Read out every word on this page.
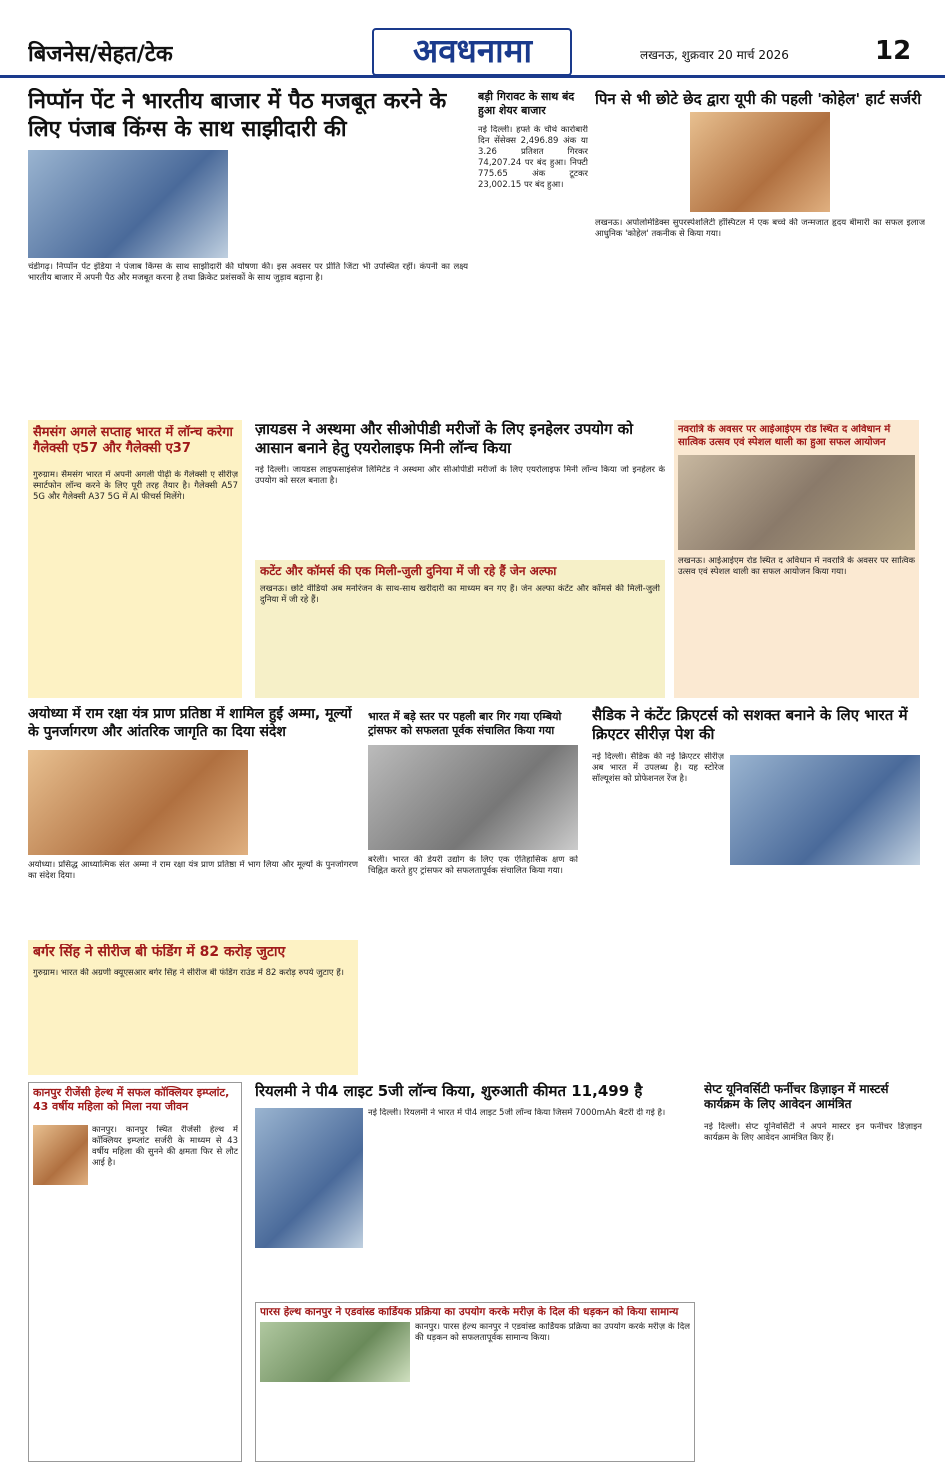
बिजनेस/सेहत/टेक	अवधनामा	लखनऊ, शुक्रवार 20 मार्च 2026	12
निप्पॉन पेंट ने भारतीय बाजार में पैठ मजबूत करने के लिए पंजाब किंग्स के साथ साझीदारी की
चंडीगढ़। निप्पॉन पेंट इंडिया ने पंजाब किंग्स के साथ साझीदारी की घोषणा की। इस अवसर पर प्रीति जिंटा भी उपस्थित रहीं। कंपनी का लक्ष्य भारतीय बाजार में अपनी पैठ और मजबूत करना है तथा क्रिकेट प्रशंसकों के साथ जुड़ाव बढ़ाना है।
बड़ी गिरावट के साथ बंद हुआ शेयर बाजार
नई दिल्ली। हफ्ते के चौथे कारोबारी दिन सेंसेक्स 2,496.89 अंक या 3.26 प्रतिशत गिरकर 74,207.24 पर बंद हुआ। निफ्टी 775.65 अंक टूटकर 23,002.15 पर बंद हुआ।
पिन से भी छोटे छेद द्वारा यूपी की पहली 'कोहेल' हार्ट सर्जरी
लखनऊ। अपोलोमेडिक्स सुपरस्पेशलिटी हॉस्पिटल में एक बच्चे की जन्मजात हृदय बीमारी का सफल इलाज आधुनिक 'कोहेल' तकनीक से किया गया।
सैमसंग अगले सप्ताह भारत में लॉन्च करेगा गैलेक्सी ए57 और गैलेक्सी ए37
गुरुग्राम। सैमसंग भारत में अपनी अगली पीढ़ी के गैलेक्सी ए सीरीज़ स्मार्टफोन लॉन्च करने के लिए पूरी तरह तैयार है। गैलेक्सी A57 5G और गैलेक्सी A37 5G में AI फीचर्स मिलेंगे।
ज़ायडस ने अस्थमा और सीओपीडी मरीजों के लिए इनहेलर उपयोग को आसान बनाने हेतु एयरोलाइफ मिनी लॉन्च किया
नई दिल्ली। जायडस लाइफसाइंसेज लिमिटेड ने अस्थमा और सीओपीडी मरीजों के लिए एयरोलाइफ मिनी लॉन्च किया जो इनहेलर के उपयोग को सरल बनाता है।
नवरात्रि के अवसर पर आईआईएम रोड स्थित द अविधान में सात्विक उत्सव एवं स्पेशल थाली का हुआ सफल आयोजन
लखनऊ। आईआईएम रोड स्थित द अविधान में नवरात्रि के अवसर पर सात्विक उत्सव एवं स्पेशल थाली का सफल आयोजन किया गया।
कटेंट और कॉमर्स की एक मिली-जुली दुनिया में जी रहे हैं जेन अल्फा
लखनऊ। छोटे वीडियो अब मनोरंजन के साथ-साथ खरीदारी का माध्यम बन गए हैं। जेन अल्फा कंटेंट और कॉमर्स की मिली-जुली दुनिया में जी रहे हैं।
अयोध्या में राम रक्षा यंत्र प्राण प्रतिष्ठा में शामिल हुईं अम्मा, मूल्यों के पुनर्जागरण और आंतरिक जागृति का दिया संदेश
अयोध्या। प्रसिद्ध आध्यात्मिक संत अम्मा ने राम रक्षा यंत्र प्राण प्रतिष्ठा में भाग लिया और मूल्यों के पुनर्जागरण का संदेश दिया।
भारत में बड़े स्तर पर पहली बार गिर गया एम्बियो ट्रांसफर को सफलता पूर्वक संचालित किया गया
बरेली। भारत की डेयरी उद्योग के लिए एक ऐतिहासिक क्षण को चिह्नित करते हुए ट्रांसफर को सफलतापूर्वक संचालित किया गया।
सैडिक ने कंटेंट क्रिएटर्स को सशक्त बनाने के लिए भारत में क्रिएटर सीरीज़ पेश की
नई दिल्ली। सैडिक की नई क्रिएटर सीरीज़ अब भारत में उपलब्ध है। यह स्टोरेज सॉल्यूशंस को प्रोफेशनल रेंज है।
बर्गर सिंह ने सीरीज बी फंडिंग में 82 करोड़ जुटाए
गुरुग्राम। भारत की अग्रणी क्यूएसआर बर्गर सिंह ने सीरीज बी फंडिंग राउंड में 82 करोड़ रुपये जुटाए हैं।
कानपुर रीजेंसी हेल्थ में सफल कॉक्लियर इम्प्लांट, 43 वर्षीय महिला को मिला नया जीवन
कानपुर। कानपुर स्थित रीजेंसी हेल्थ में कॉक्लियर इम्प्लांट सर्जरी के माध्यम से 43 वर्षीय महिला की सुनने की क्षमता फिर से लौट आई है।
रियलमी ने पी4 लाइट 5जी लॉन्च किया, शुरुआती कीमत 11,499 है
नई दिल्ली। रियलमी ने भारत में पी4 लाइट 5जी लॉन्च किया जिसमें 7000mAh बैटरी दी गई है।
सेप्ट यूनिवर्सिटी फर्नीचर डिज़ाइन में मास्टर्स कार्यक्रम के लिए आवेदन आमंत्रित
नई दिल्ली। सेप्ट यूनिवर्सिटी ने अपने मास्टर इन फर्नीचर डिज़ाइन कार्यक्रम के लिए आवेदन आमंत्रित किए हैं।
पारस हेल्थ कानपुर ने एडवांस्ड कार्डियक प्रक्रिया का उपयोग करके मरीज़ के दिल की धड़कन को किया सामान्य
कानपुर। पारस हेल्थ कानपुर ने एडवांस्ड कार्डियक प्रक्रिया का उपयोग करके मरीज़ के दिल की धड़कन को सफलतापूर्वक सामान्य किया।
